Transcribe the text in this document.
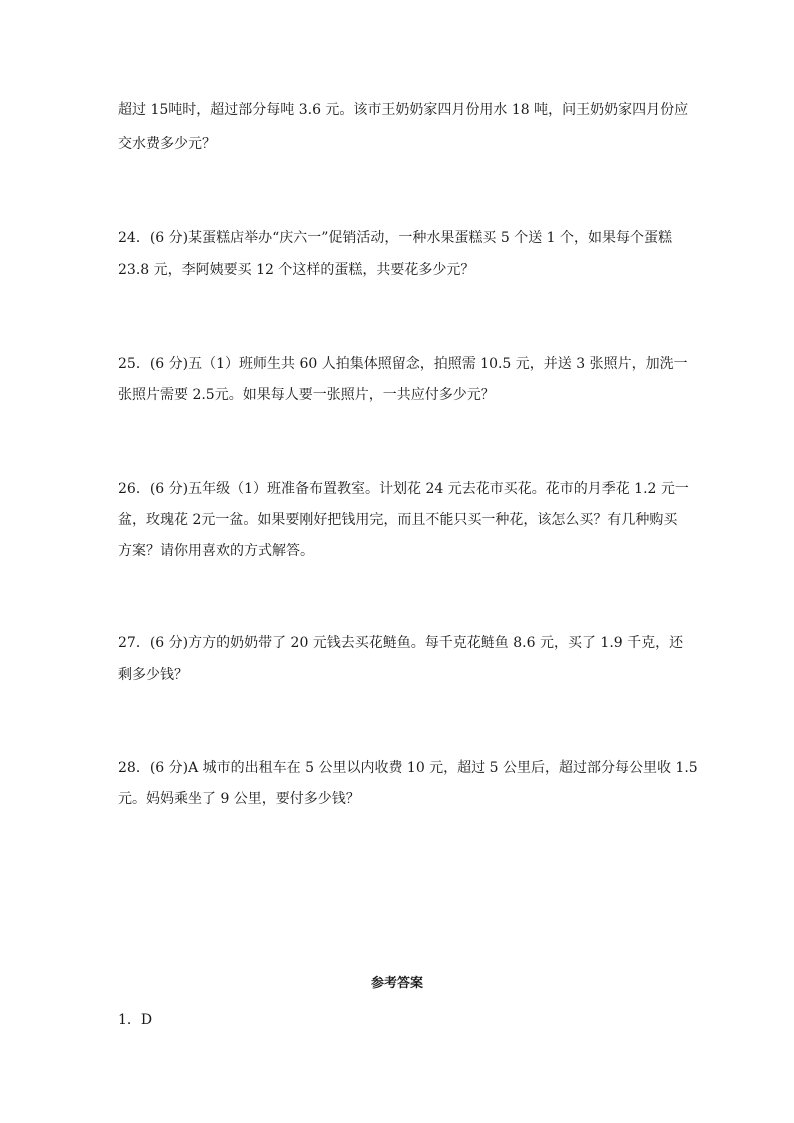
超过 15吨时，超过部分每吨 3.6 元。该市王奶奶家四月份用水 18 吨，问王奶奶家四月份应
交水费多少元？
24．(6 分)某蛋糕店举办“庆六一”促销活动，一种水果蛋糕买 5 个送 1 个，如果每个蛋糕
23.8 元，李阿姨要买 12 个这样的蛋糕，共要花多少元？
25．(6 分)五（1）班师生共 60 人拍集体照留念，拍照需 10.5 元，并送 3 张照片，加洗一
张照片需要 2.5元。如果每人要一张照片，一共应付多少元？
26．(6 分)五年级（1）班准备布置教室。计划花 24 元去花市买花。花市的月季花 1.2 元一
盆，玫瑰花 2元一盆。如果要刚好把钱用完，而且不能只买一种花，该怎么买？有几种购买
方案？请你用喜欢的方式解答。
27．(6 分)方方的奶奶带了 20 元钱去买花鲢鱼。每千克花鲢鱼 8.6 元，买了 1.9 千克，还
剩多少钱？
28．(6 分)A 城市的出租车在 5 公里以内收费 10 元，超过 5 公里后，超过部分每公里收 1.5
元。妈妈乘坐了 9 公里，要付多少钱？
参考答案
1．D
